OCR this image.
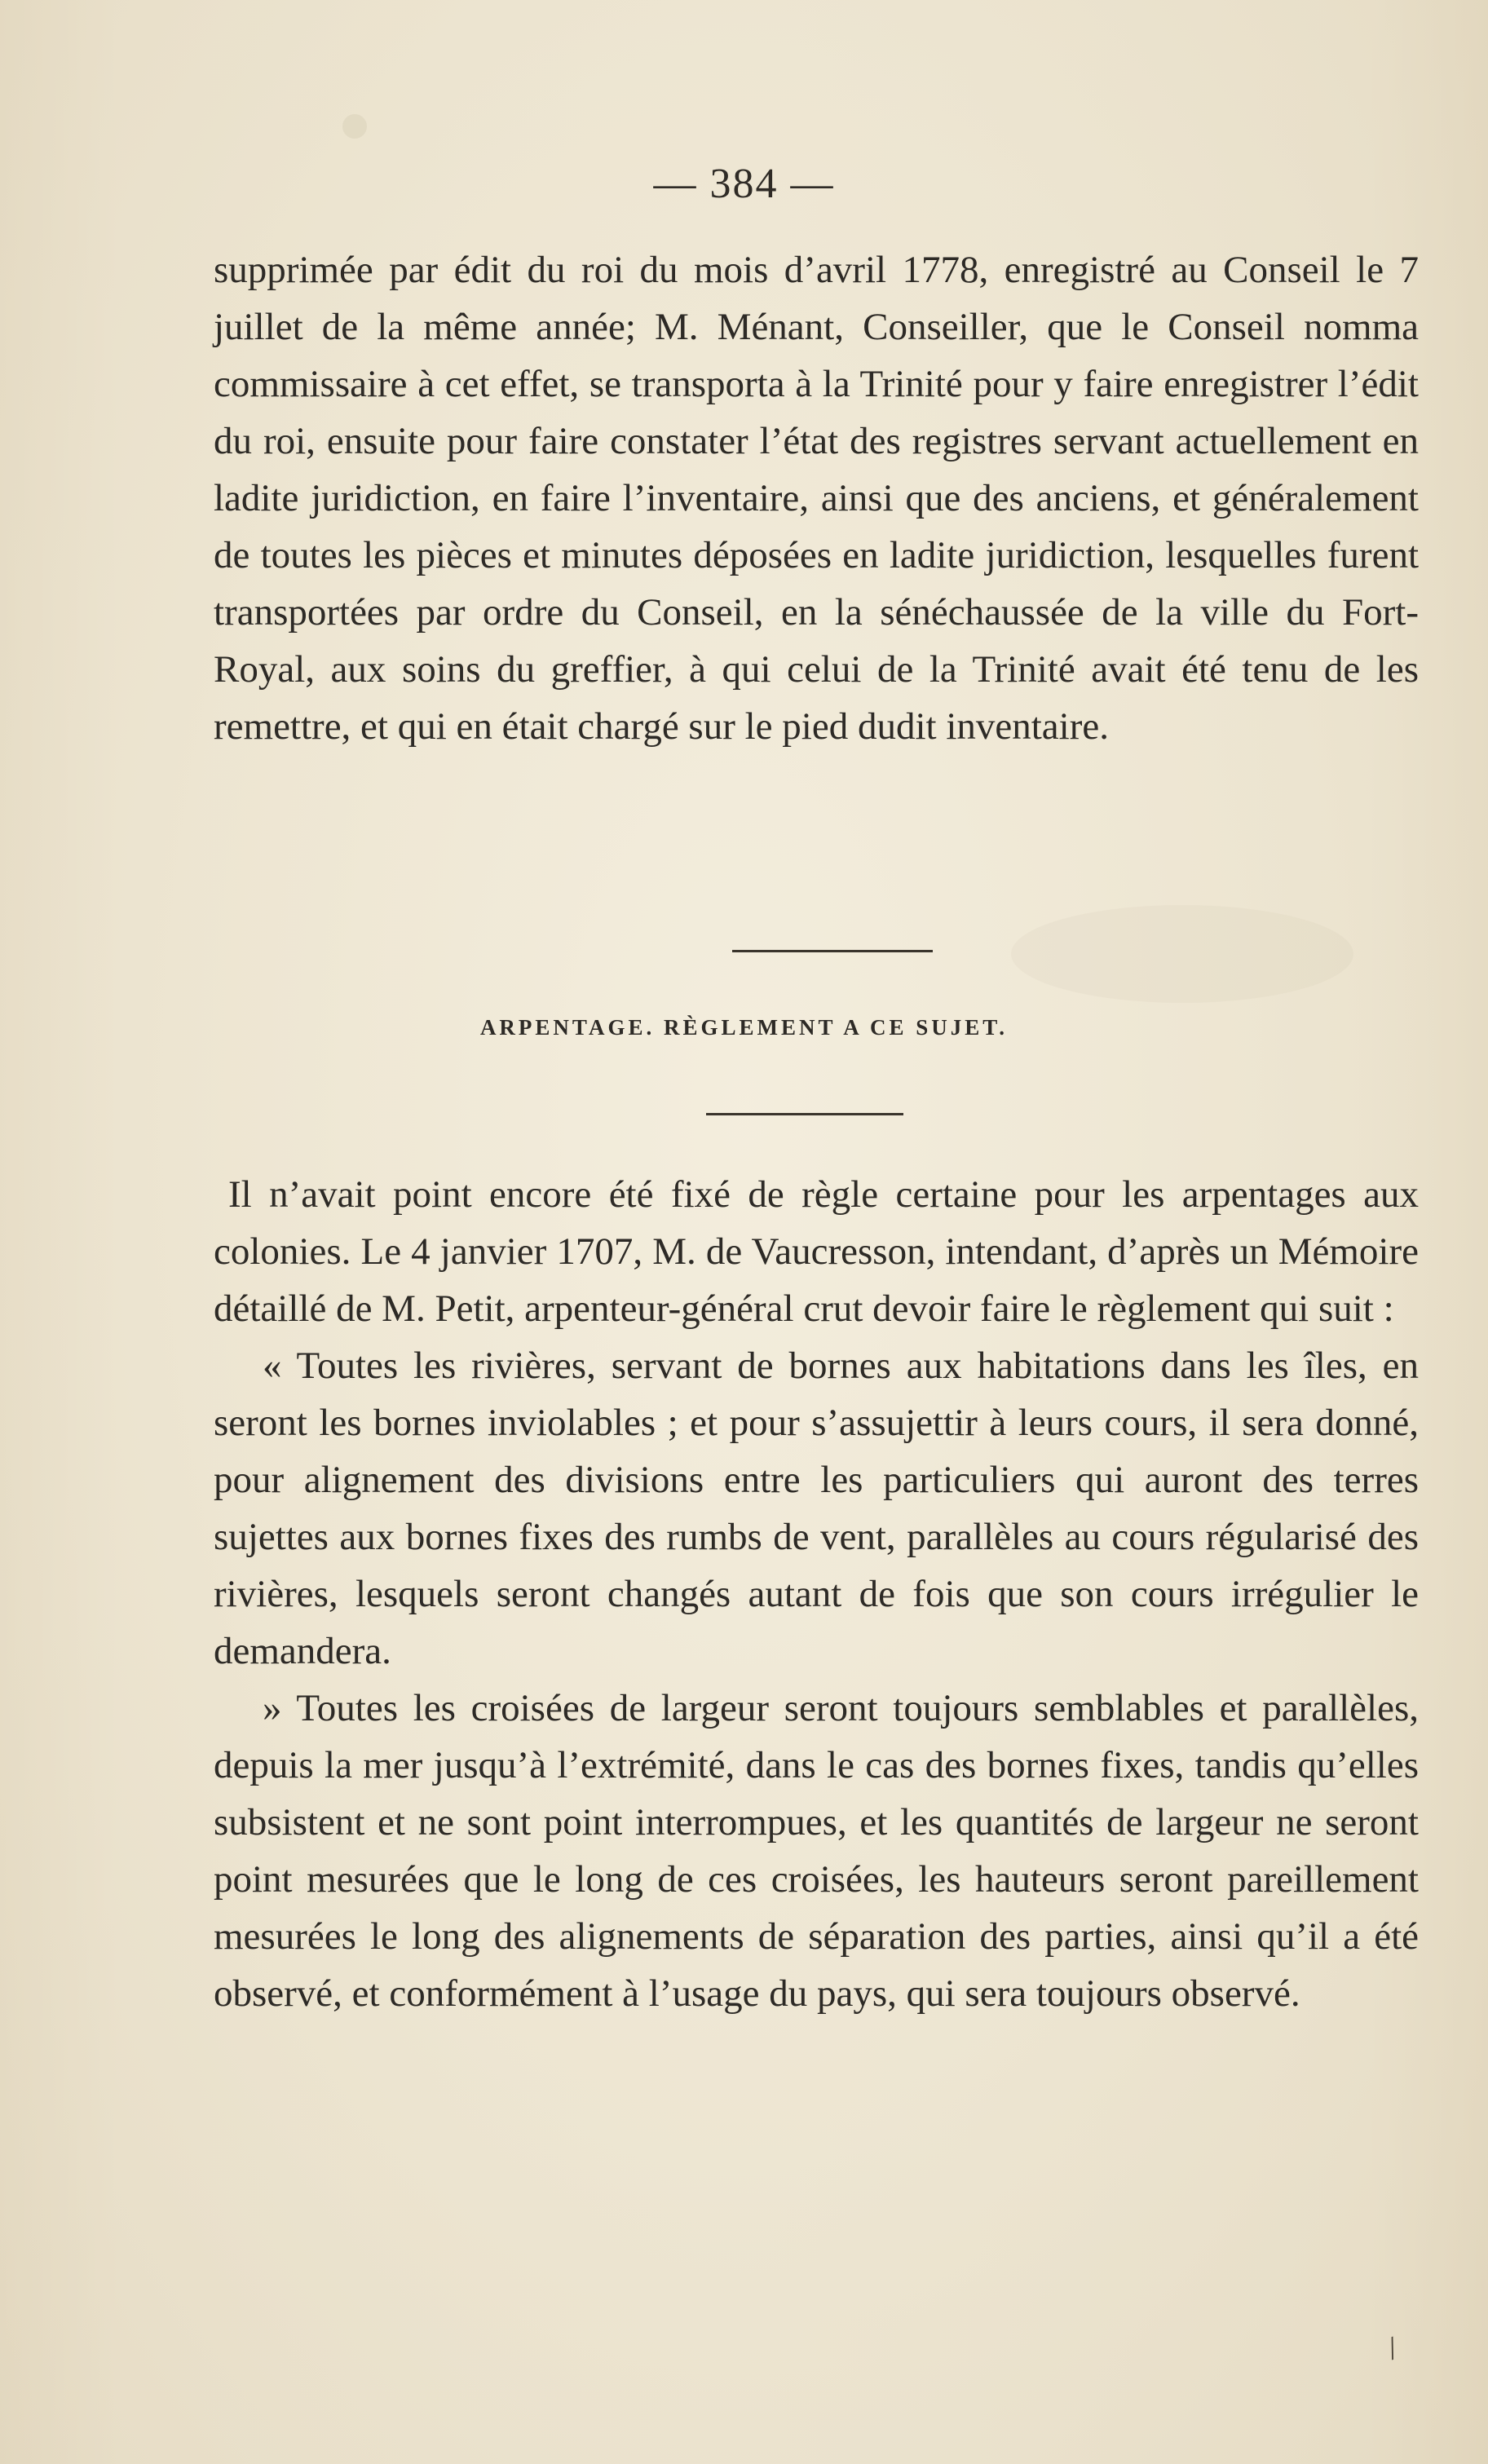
— 384 —

supprimée par édit du roi du mois d’avril 1778, enregistré au Conseil le 7 juillet de la même année; M. Ménant, Conseiller, que le Conseil nomma commissaire à cet effet, se transporta à la Trinité pour y faire enregistrer l’édit du roi, ensuite pour faire constater l’état des registres servant actuellement en ladite juridiction, en faire l’inventaire, ainsi que des anciens, et généralement de toutes les pièces et minutes déposées en ladite juridiction, lesquelles furent transportées par ordre du Conseil, en la sénéchaussée de la ville du Fort-Royal, aux soins du greffier, à qui celui de la Trinité avait été tenu de les remettre, et qui en était chargé sur le pied dudit inventaire.

ARPENTAGE. RÈGLEMENT A CE SUJET.

Il n’avait point encore été fixé de règle certaine pour les arpentages aux colonies. Le 4 janvier 1707, M. de Vaucresson, intendant, d’après un Mémoire détaillé de M. Petit, arpenteur-général crut devoir faire le règlement qui suit :

« Toutes les rivières, servant de bornes aux habitations dans les îles, en seront les bornes inviolables ; et pour s’assujettir à leurs cours, il sera donné, pour alignement des divisions entre les particuliers qui auront des terres sujettes aux bornes fixes des rumbs de vent, parallèles au cours régularisé des rivières, lesquels seront changés autant de fois que son cours irrégulier le demandera.

» Toutes les croisées de largeur seront toujours semblables et parallèles, depuis la mer jusqu’à l’extrémité, dans le cas des bornes fixes, tandis qu’elles subsistent et ne sont point interrompues, et les quantités de largeur ne seront point mesurées que le long de ces croisées, les hauteurs seront pareillement mesurées le long des alignements de séparation des parties, ainsi qu’il a été observé, et conformément à l’usage du pays, qui sera toujours observé.

/
